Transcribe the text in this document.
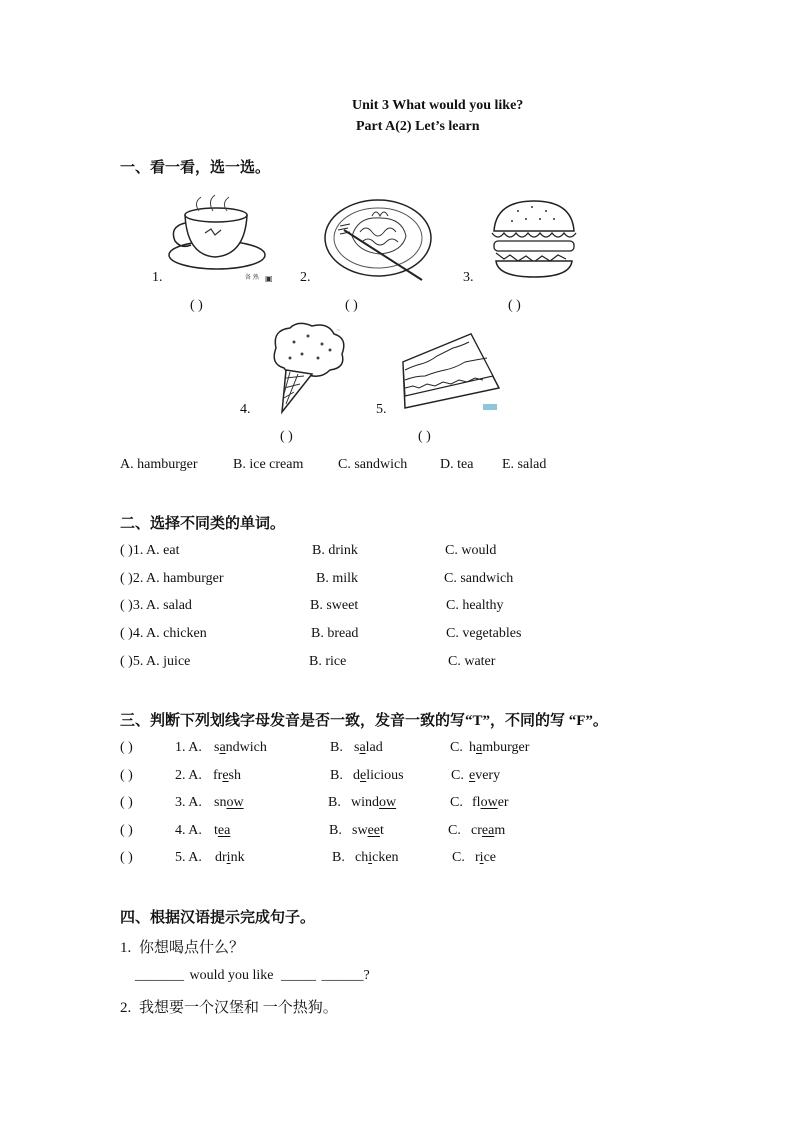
Unit 3 What would you like?
Part A(2) Let’s learn
一、看一看，选一选。
1.	备 熟 ▣
( )
2.
( )
3.
( )
4.
~
( )
5.
( )
A. hamburger	B. ice cream C. sandwich D. tea E. salad
二、选择不同类的单词。
( )1. A. eat	B. drink	C. would
( )2. A. hamburger	B. milk	C. sandwich
( )3. A. salad	B. sweet	C. healthy
( )4. A. chicken	B. bread	C. vegetables
( )5. A. juice	B. rice	C. water
三、判断下列划线字母发音是否一致，发音一致的写“T”，不同的写 “F”。
( )	1. A. sandwich	B. salad	C. hamburger
( )	2. A. fresh	B. delicious	C. every
( )	3. A. snow	B. window	C. flower
( )	4. A. tea	B. sweet	C. cream
( )	5. A. drink	B. chicken	C. rice
四、根据汉语提示完成句子。
1. 你想喝点什么？
_______ would you like _____ ______?
2. 我想要一个汉堡和 一个热狗。
